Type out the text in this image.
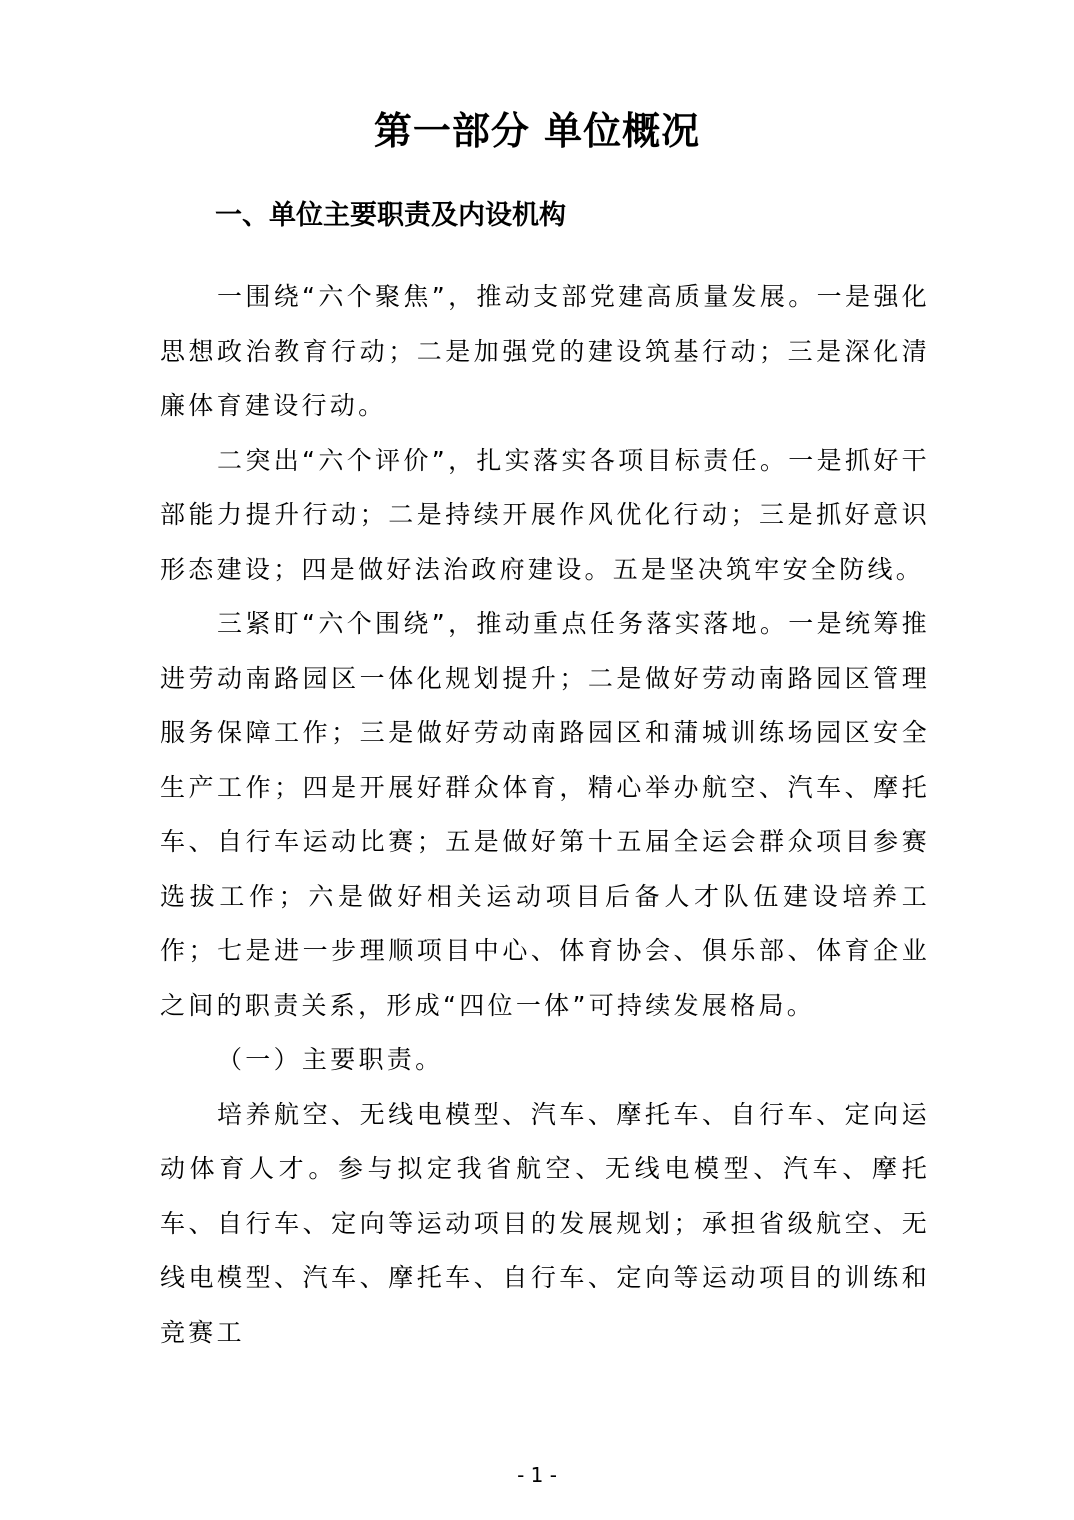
第一部分 单位概况
一、单位主要职责及内设机构

一围绕“六个聚焦”，推动支部党建高质量发展。一是强化思想政治教育行动；二是加强党的建设筑基行动；三是深化清廉体育建设行动。

二突出“六个评价”，扎实落实各项目标责任。一是抓好干部能力提升行动；二是持续开展作风优化行动；三是抓好意识形态建设；四是做好法治政府建设。五是坚决筑牢安全防线。

三紧盯“六个围绕”，推动重点任务落实落地。一是统筹推进劳动南路园区一体化规划提升；二是做好劳动南路园区管理服务保障工作；三是做好劳动南路园区和蒲城训练场园区安全生产工作；四是开展好群众体育，精心举办航空、汽车、摩托车、自行车运动比赛；五是做好第十五届全运会群众项目参赛选拔工作；六是做好相关运动项目后备人才队伍建设培养工作；七是进一步理顺项目中心、体育协会、俱乐部、体育企业之间的职责关系，形成“四位一体”可持续发展格局。

（一）主要职责。

培养航空、无线电模型、汽车、摩托车、自行车、定向运动体育人才。参与拟定我省航空、无线电模型、汽车、摩托车、自行车、定向等运动项目的发展规划；承担省级航空、无线电模型、汽车、摩托车、自行车、定向等运动项目的训练和竞赛工

- 1 -
